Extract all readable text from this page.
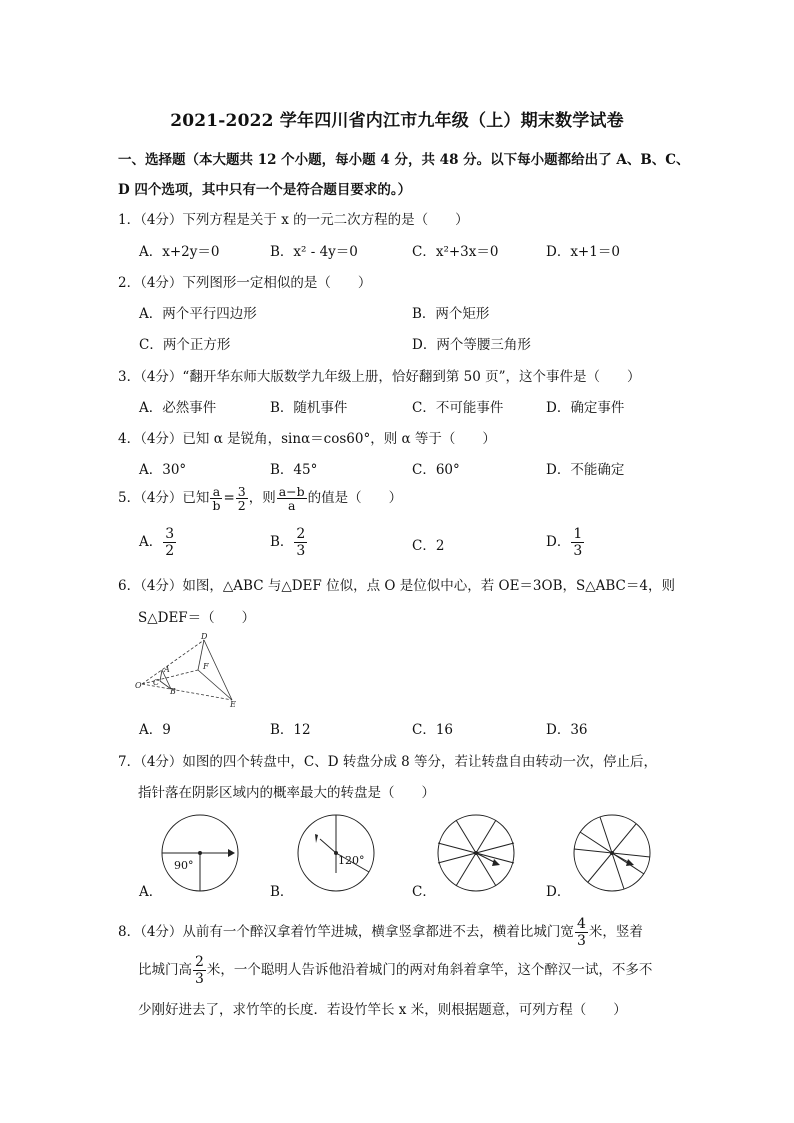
2021-2022 学年四川省内江市九年级（上）期末数学试卷
一、选择题（本大题共 12 个小题，每小题 4 分，共 48 分。以下每小题都给出了 A、B、C、
D 四个选项，其中只有一个是符合题目要求的。）
1．（4分）下列方程是关于 x 的一元二次方程的是（　　）
A．x+2y＝0	B．x² - 4y＝0	C．x²+3x＝0	D．x+1＝0
2．（4分）下列图形一定相似的是（　　）
A．两个平行四边形	B．两个矩形
C．两个正方形	D．两个等腰三角形
3．（4分）“翻开华东师大版数学九年级上册，恰好翻到第 50 页”，这个事件是（　　）
A．必然事件	B．随机事件	C．不可能事件	D．确定事件
4．（4分）已知 α 是锐角，sinα＝cos60°，则 α 等于（　　）
A．30°	B．45°	C．60°	D．不能确定
5．（4分）已知 $\frac{a}{b} = \frac{3}{2}$ ，则 $\frac{a-b}{a}$ 的值是（　　）
A． $\frac{3}{2}$	B． $\frac{2}{3}$	C．2	D． $\frac{1}{3}$
6．（4分）如图，△ABC 与△DEF 位似，点 O 是位似中心，若 OE＝3OB，S△ABC＝4，则
S△DEF＝（　　）
D
F
O C
A
B
E
A．9	B．12	C．16	D．36
7．（4分）如图的四个转盘中，C、D 转盘分成 8 等分，若让转盘自由转动一次，停止后，
指针落在阴影区域内的概率最大的转盘是（　　）
A．
90°
B．
120°
C．	D．
8．（4分）从前有一个醉汉拿着竹竿进城，横拿竖拿都进不去，横着比城门宽 $\frac{4}{3}$ 米，竖着
比城门高 $\frac{2}{3}$ 米，一个聪明人告诉他沿着城门的两对角斜着拿竿，这个醉汉一试，不多不
少刚好进去了，求竹竿的长度．若设竹竿长 x 米，则根据题意，可列方程（　　）
